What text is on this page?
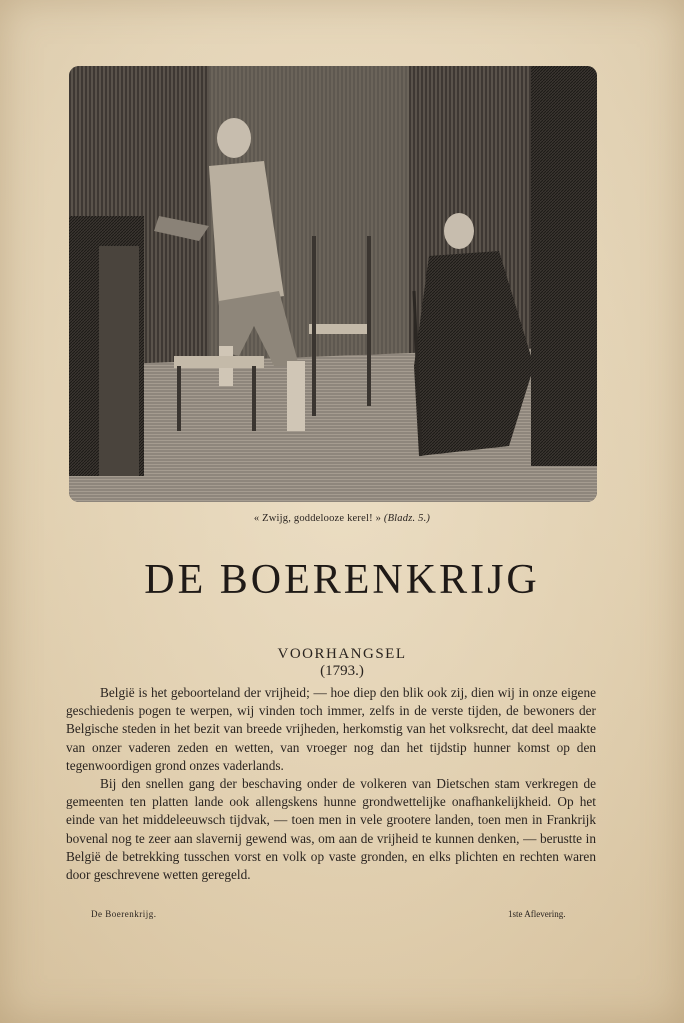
« Zwijg, goddelooze kerel! » (Bladz. 5.)
DE BOERENKRIJG
VOORHANGSEL
(1793.)

België is het geboorteland der vrijheid; — hoe diep den blik ook zij, dien wij in onze eigene geschiedenis pogen te werpen, wij vinden toch immer, zelfs in de verste tijden, de bewoners der Belgische steden in het bezit van breede vrijheden, herkomstig van het volksrecht, dat deel maakte van onzer vaderen zeden en wetten, van vroeger nog dan het tijdstip hunner komst op den tegenwoordigen grond onzes vaderlands.

Bij den snellen gang der beschaving onder de volkeren van Dietschen stam verkregen de gemeenten ten platten lande ook allengskens hunne grondwettelijke onafhankelijkheid. Op het einde van het middeleeuwsch tijdvak, — toen men in vele grootere landen, toen men in Frankrijk bovenal nog te zeer aan slavernij gewend was, om aan de vrijheid te kunnen denken, — berustte in België de betrekking tusschen vorst en volk op vaste gronden, en elks plichten en rechten waren door geschrevene wetten geregeld.

De Boerenkrijg.	1ste Aflevering.
